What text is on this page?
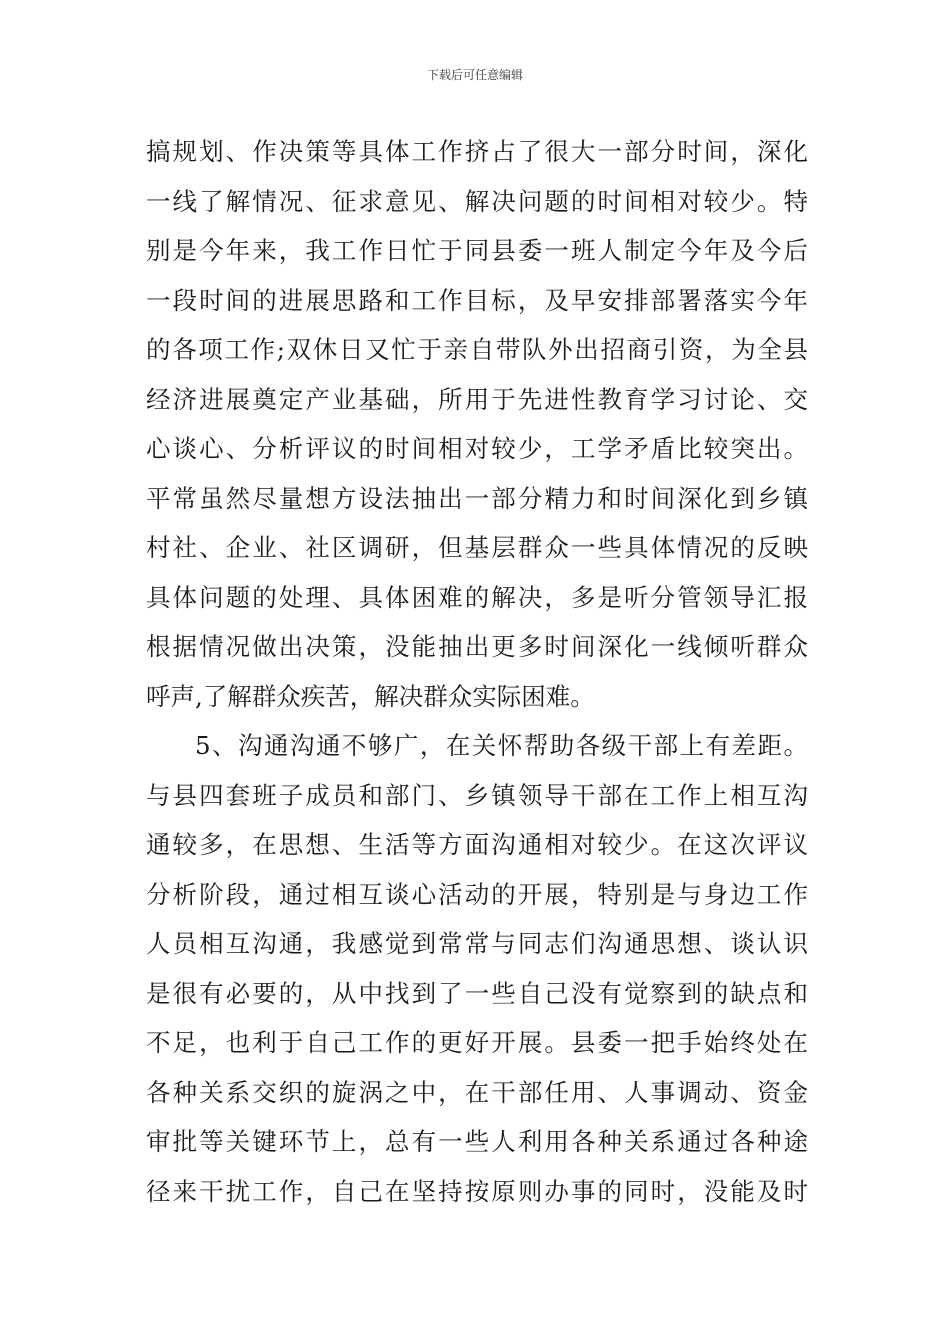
下载后可任意编辑
搞规划、作决策等具体工作挤占了很大一部分时间，深化
一线了解情况、征求意见、解决问题的时间相对较少。特
别是今年来，我工作日忙于同县委一班人制定今年及今后
一段时间的进展思路和工作目标，及早安排部署落实今年
的各项工作;双休日又忙于亲自带队外出招商引资，为全县
经济进展奠定产业基础，所用于先进性教育学习讨论、交
心谈心、分析评议的时间相对较少，工学矛盾比较突出。
平常虽然尽量想方设法抽出一部分精力和时间深化到乡镇
村社、企业、社区调研，但基层群众一些具体情况的反映
具体问题的处理、具体困难的解决，多是听分管领导汇报
根据情况做出决策，没能抽出更多时间深化一线倾听群众
呼声,了解群众疾苦，解决群众实际困难。
5、沟通沟通不够广，在关怀帮助各级干部上有差距。
与县四套班子成员和部门、乡镇领导干部在工作上相互沟
通较多，在思想、生活等方面沟通相对较少。在这次评议
分析阶段，通过相互谈心活动的开展，特别是与身边工作
人员相互沟通，我感觉到常常与同志们沟通思想、谈认识
是很有必要的，从中找到了一些自己没有觉察到的缺点和
不足，也利于自己工作的更好开展。县委一把手始终处在
各种关系交织的旋涡之中，在干部任用、人事调动、资金
审批等关键环节上，总有一些人利用各种关系通过各种途
径来干扰工作，自己在坚持按原则办事的同时，没能及时
